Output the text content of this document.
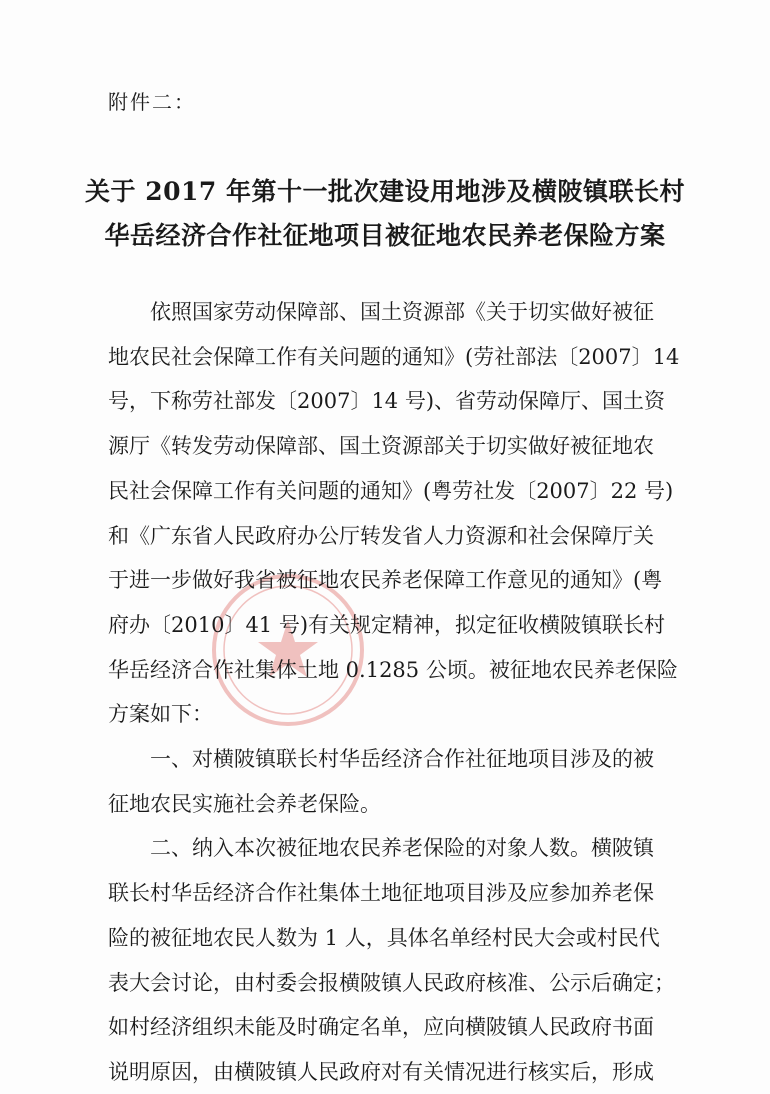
附件二：
关于 2017 年第十一批次建设用地涉及横陂镇联长村
华岳经济合作社征地项目被征地农民养老保险方案
　　依照国家劳动保障部、国土资源部《关于切实做好被征
地农民社会保障工作有关问题的通知》(劳社部法〔2007〕14
号，下称劳社部发〔2007〕14 号)、省劳动保障厅、国土资
源厅《转发劳动保障部、国土资源部关于切实做好被征地农
民社会保障工作有关问题的通知》(粤劳社发〔2007〕22 号)
和《广东省人民政府办公厅转发省人力资源和社会保障厅关
于进一步做好我省被征地农民养老保障工作意见的通知》(粤
府办〔2010〕41 号)有关规定精神，拟定征收横陂镇联长村
华岳经济合作社集体土地 0.1285 公顷。被征地农民养老保险
方案如下：
　　一、对横陂镇联长村华岳经济合作社征地项目涉及的被
征地农民实施社会养老保险。
　　二、纳入本次被征地农民养老保险的对象人数。横陂镇
联长村华岳经济合作社集体土地征地项目涉及应参加养老保
险的被征地农民人数为 1 人，具体名单经村民大会或村民代
表大会讨论，由村委会报横陂镇人民政府核准、公示后确定；
如村经济组织未能及时确定名单，应向横陂镇人民政府书面
说明原因，由横陂镇人民政府对有关情况进行核实后，形成
